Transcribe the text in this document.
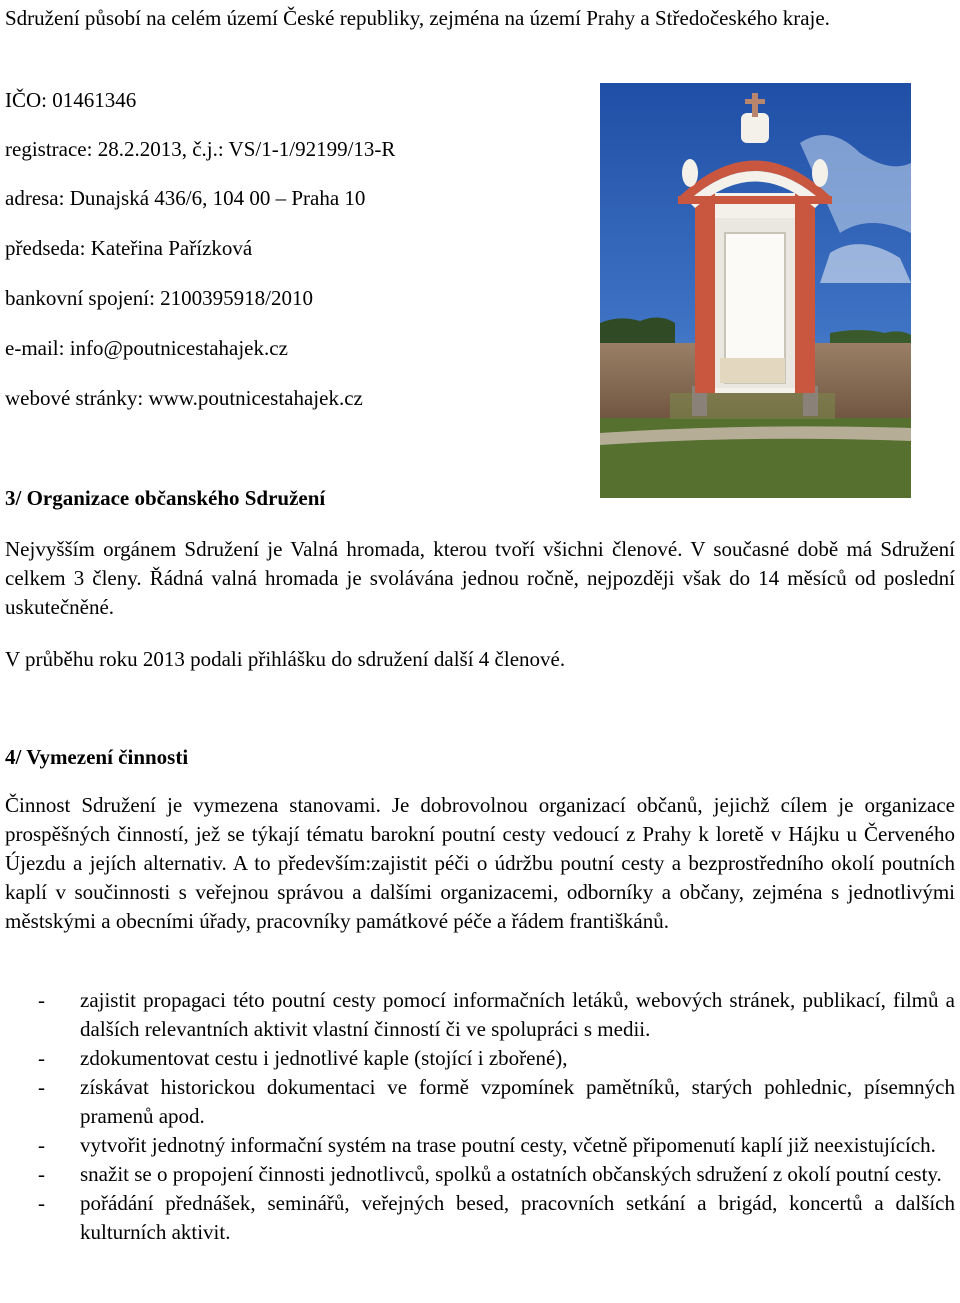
Sdružení působí na celém území České republiky, zejména na území Prahy a Středočeského kraje.

IČO: 01461346
registrace: 28.2.2013, č.j.: VS/1-1/92199/13-R
adresa: Dunajská 436/6, 104 00 – Praha 10
předseda: Kateřina Pařízková
bankovní spojení: 2100395918/2010
e-mail: info@poutnicestahajek.cz
webové stránky: www.poutnicestahajek.cz
3/ Organizace občanského Sdružení

Nejvyšším orgánem Sdružení je Valná hromada, kterou tvoří všichni členové. V současné době má Sdružení celkem 3 členy. Řádná valná hromada je svolávána jednou ročně, nejpozději však do 14 měsíců od poslední uskutečněné.

V průběhu roku 2013 podali přihlášku do sdružení další 4 členové.
4/ Vymezení činnosti

Činnost Sdružení je vymezena stanovami. Je dobrovolnou organizací občanů, jejichž cílem je organizace prospěšných činností, jež se týkají tématu barokní poutní cesty vedoucí z Prahy k loretě v Hájku u Červeného Újezdu a jejích alternativ. A to především:zajistit péči o údržbu poutní cesty a bezprostředního okolí poutních kaplí v součinnosti s veřejnou správou a dalšími organizacemi, odborníky a občany, zejména s jednotlivými městskými a obecními úřady, pracovníky památkové péče a řádem františkánů.

- zajistit propagaci této poutní cesty pomocí informačních letáků, webových stránek, publikací, filmů a dalších relevantních aktivit vlastní činností či ve spolupráci s medii.
- zdokumentovat cestu i jednotlivé kaple (stojící i zbořené),
- získávat historickou dokumentaci ve formě vzpomínek pamětníků, starých pohlednic, písemných pramenů apod.
- vytvořit jednotný informační systém na trase poutní cesty, včetně připomenutí kaplí již neexistujících.
- snažit se o propojení činnosti jednotlivců, spolků a ostatních občanských sdružení z okolí poutní cesty.
- pořádání přednášek, seminářů, veřejných besed, pracovních setkání a brigád, koncertů a dalších kulturních aktivit.
